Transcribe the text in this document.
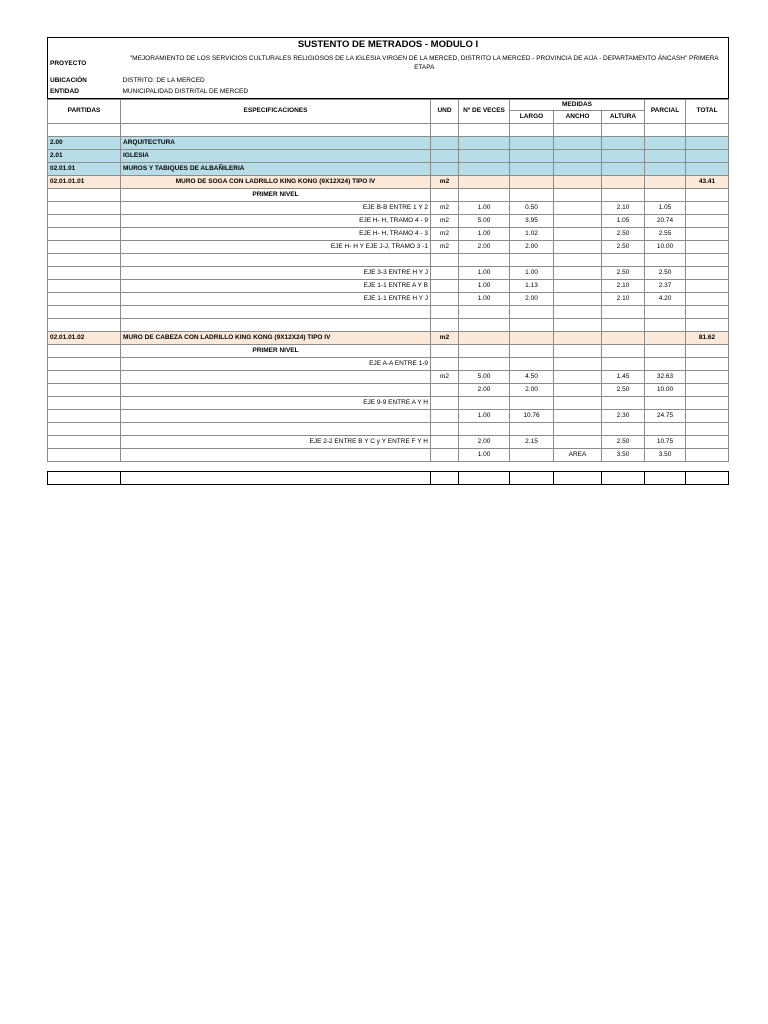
SUSTENTO DE METRADOS - MODULO I	
PROYECTO	"MEJORAMIENTO DE LOS SERVICIOS CULTURALES RELIGIOSOS DE LA IGLESIA VIRGEN DE LA MERCED, DISTRITO LA MERCED - PROVINCIA DE AIJA - DEPARTAMENTO ÁNCASH" PRIMERA ETAPA
UBICACIÓN	DISTRITO: DE LA MERCED
ENTIDAD	MUNICIPALIDAD DISTRITAL DE MERCED
PARTIDAS	ESPECIFICACIONES	UND	Nº DE VECES	MEDIDAS			PARCIAL	TOTAL
				LARGO	ANCHO	ALTURA		

2.00	ARQUITECTURA							
2.01	IGLESIA							
02.01.01	MUROS Y TABIQUES DE ALBAÑILERIA							
02.01.01.01	MURO DE SOGA CON LADRILLO KING KONG (9X12X24) TIPO IV	m2						43.41
	PRIMER NIVEL							
	EJE B-B ENTRE 1 Y 2	m2	1.00	0.50		2.10	1.05	
	EJE H- H, TRAMO 4 - 9	m2	5.00	3.95		1.05	20.74	
	EJE H- H, TRAMO 4 - 3	m2	1.00	1.02		2.50	2.55	
	EJE H- H Y EJE J-J, TRAMO 3 -1	m2	2.00	2.00		2.50	10.00	

	EJE 3-3 ENTRE H Y J		1.00	1.00		2.50	2.50	
	EJE 1-1 ENTRE A Y B		1.00	1.13		2.10	2.37	
	EJE 1-1 ENTRE H Y J		1.00	2.00		2.10	4.20	

02.01.01.02	MURO DE CABEZA CON LADRILLO KING KONG (9X12X24) TIPO IV	m2						81.62
	PRIMER NIVEL							
	EJE A-A ENTRE 1-9							
		m2	5.00	4.50		1.45	32.63	
			2.00	2.00		2.50	10.00	
	EJE 9-9 ENTRE A Y H							
			1.00	10.76		2.30	24.75	

	EJE 2-2 ENTRE B Y C y Y ENTRE F Y H		2.00	2.15		2.50	10.75	
			1.00		AREA	3.50	3.50	
